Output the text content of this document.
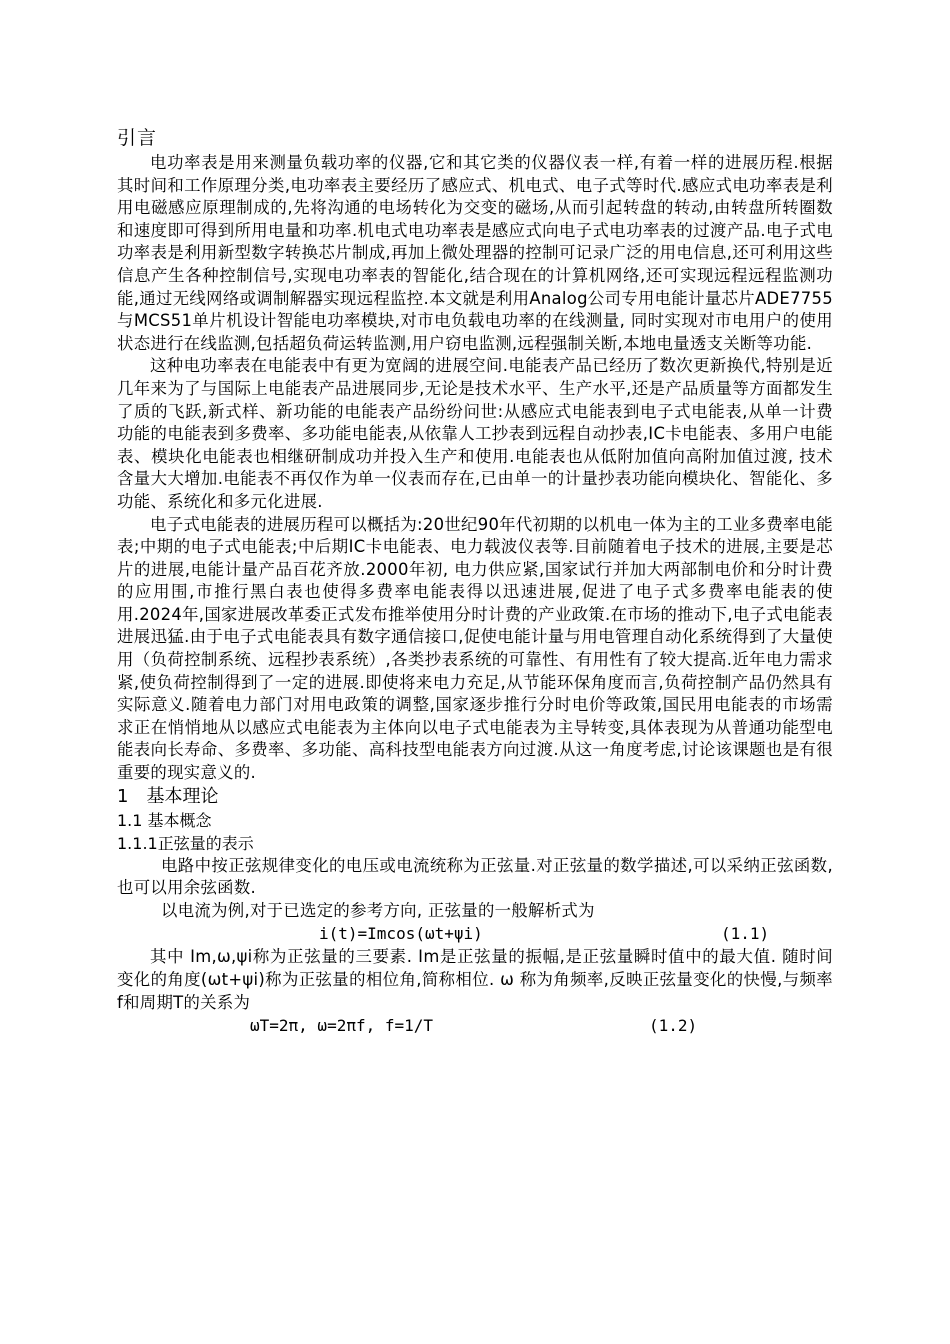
引言

电功率表是用来测量负载功率的仪器,它和其它类的仪器仪表一样,有着一样的进展历程.根据其时间和工作原理分类,电功率表主要经历了感应式、机电式、电子式等时代.感应式电功率表是利用电磁感应原理制成的,先将沟通的电场转化为交变的磁场,从而引起转盘的转动,由转盘所转圈数和速度即可得到所用电量和功率.机电式电功率表是感应式向电子式电功率表的过渡产品.电子式电功率表是利用新型数字转换芯片制成,再加上微处理器的控制可记录广泛的用电信息,还可利用这些信息产生各种控制信号,实现电功率表的智能化,结合现在的计算机网络,还可实现远程远程监测功能,通过无线网络或调制解器实现远程监控.本文就是利用Analog公司专用电能计量芯片ADE7755与MCS51单片机设计智能电功率模块,对市电负载电功率的在线测量, 同时实现对市电用户的使用状态进行在线监测,包括超负荷运转监测,用户窃电监测,远程强制关断,本地电量透支关断等功能.

这种电功率表在电能表中有更为宽阔的进展空间.电能表产品已经历了数次更新换代,特别是近几年来为了与国际上电能表产品进展同步,无论是技术水平、生产水平,还是产品质量等方面都发生了质的飞跃,新式样、新功能的电能表产品纷纷问世:从感应式电能表到电子式电能表,从单一计费功能的电能表到多费率、多功能电能表,从依靠人工抄表到远程自动抄表,IC卡电能表、多用户电能表、模块化电能表也相继研制成功并投入生产和使用.电能表也从低附加值向高附加值过渡, 技术含量大大增加.电能表不再仅作为单一仪表而存在,已由单一的计量抄表功能向模块化、智能化、多功能、系统化和多元化进展.

电子式电能表的进展历程可以概括为:20世纪90年代初期的以机电一体为主的工业多费率电能表;中期的电子式电能表;中后期IC卡电能表、电力载波仪表等.目前随着电子技术的进展,主要是芯片的进展,电能计量产品百花齐放.2000年初, 电力供应紧,国家试行并加大两部制电价和分时计费的应用围,市推行黑白表也使得多费率电能表得以迅速进展,促进了电子式多费率电能表的使用.2024年,国家进展改革委正式发布推举使用分时计费的产业政策.在市场的推动下,电子式电能表进展迅猛.由于电子式电能表具有数字通信接口,促使电能计量与用电管理自动化系统得到了大量使用（负荷控制系统、远程抄表系统）,各类抄表系统的可靠性、有用性有了较大提高.近年电力需求紧,使负荷控制得到了一定的进展.即使将来电力充足,从节能环保角度而言,负荷控制产品仍然具有实际意义.随着电力部门对用电政策的调整,国家逐步推行分时电价等政策,国民用电能表的市场需求正在悄悄地从以感应式电能表为主体向以电子式电能表为主导转变,具体表现为从普通功能型电能表向长寿命、多费率、多功能、高科技型电能表方向过渡.从这一角度考虑,讨论该课题也是有很重要的现实意义的.

1　基本理论
1.1 基本概念
1.1.1正弦量的表示

电路中按正弦规律变化的电压或电流统称为正弦量.对正弦量的数学描述,可以采纳正弦函数,也可以用余弦函数.

以电流为例,对于已选定的参考方向, 正弦量的一般解析式为

i(t)=Imcos(ωt+ψi)	(1.1)

其中 Im,ω,ψi称为正弦量的三要素. Im是正弦量的振幅,是正弦量瞬时值中的最大值. 随时间变化的角度(ωt+ψi)称为正弦量的相位角,简称相位. ω 称为角频率,反映正弦量变化的快慢,与频率f和周期T的关系为

ωT=2π, ω=2πf, f=1/T	(1.2)
